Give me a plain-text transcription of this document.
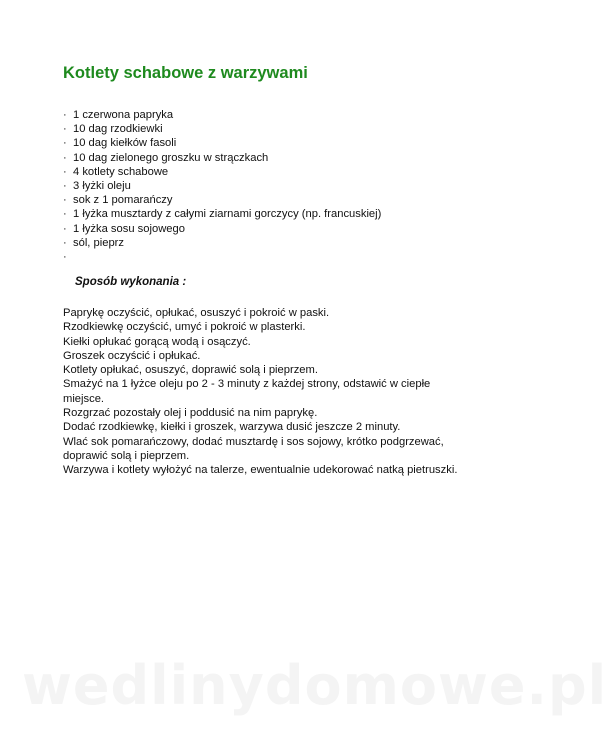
Kotlety schabowe z warzywami
· 1 czerwona papryka
· 10 dag rzodkiewki
· 10 dag kiełków fasoli
· 10 dag zielonego groszku w strączkach
· 4 kotlety schabowe
· 3 łyżki oleju
· sok z 1 pomarańczy
· 1 łyżka musztardy z całymi ziarnami gorczycy (np. francuskiej)
· 1 łyżka sosu sojowego
· sól, pieprz
·
Sposób wykonania :

Paprykę oczyścić, opłukać, osuszyć i pokroić w paski.

Rzodkiewkę oczyścić, umyć i pokroić w plasterki.

Kiełki opłukać gorącą wodą i osączyć.

Groszek oczyścić i opłukać.

Kotlety opłukać, osuszyć, doprawić solą i pieprzem.

Smażyć na 1 łyżce oleju po 2 - 3 minuty z każdej strony, odstawić w ciepłe miejsce.

Rozgrzać pozostały olej i poddusić na nim paprykę.

Dodać rzodkiewkę, kiełki i groszek, warzywa dusić jeszcze 2 minuty.

Wlać sok pomarańczowy, dodać musztardę i sos sojowy, krótko podgrzewać, doprawić solą i pieprzem.

Warzywa i kotlety wyłożyć na talerze, ewentualnie udekorować natką pietruszki.

wedlinydomowe.pl
